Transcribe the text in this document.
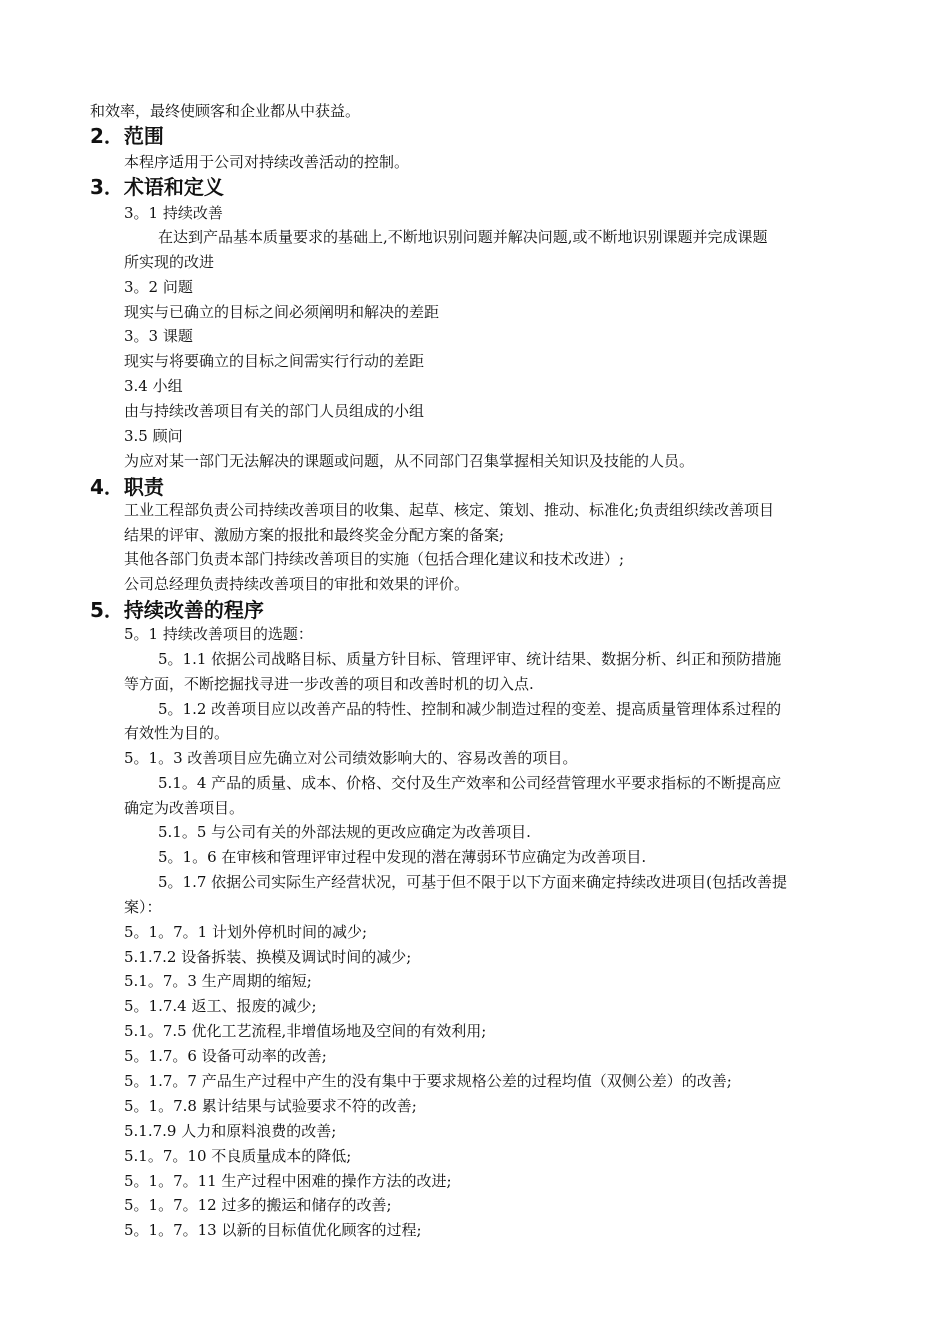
和效率，最终使顾客和企业都从中获益。
2．范围
本程序适用于公司对持续改善活动的控制。
3．术语和定义
3。1 持续改善
在达到产品基本质量要求的基础上,不断地识别问题并解决问题,或不断地识别课题并完成课题
所实现的改进
3。2 问题
现实与已确立的目标之间必须阐明和解决的差距
3。3 课题
现实与将要确立的目标之间需实行行动的差距
3.4 小组
由与持续改善项目有关的部门人员组成的小组
3.5 顾问
为应对某一部门无法解决的课题或问题，从不同部门召集掌握相关知识及技能的人员。
4．职责
工业工程部负责公司持续改善项目的收集、起草、核定、策划、推动、标准化;负责组织续改善项目
结果的评审、激励方案的报批和最终奖金分配方案的备案;
其他各部门负责本部门持续改善项目的实施（包括合理化建议和技术改进）;
公司总经理负责持续改善项目的审批和效果的评价。
5．持续改善的程序
5。1 持续改善项目的选题：
5。1.1 依据公司战略目标、质量方针目标、管理评审、统计结果、数据分析、纠正和预防措施
等方面，不断挖掘找寻进一步改善的项目和改善时机的切入点.
5。1.2 改善项目应以改善产品的特性、控制和减少制造过程的变差、提高质量管理体系过程的
有效性为目的。
5。1。3 改善项目应先确立对公司绩效影响大的、容易改善的项目。
5.1。4 产品的质量、成本、价格、交付及生产效率和公司经营管理水平要求指标的不断提高应
确定为改善项目。
5.1。5 与公司有关的外部法规的更改应确定为改善项目.
5。1。6 在审核和管理评审过程中发现的潜在薄弱环节应确定为改善项目.
5。1.7 依据公司实际生产经营状况，可基于但不限于以下方面来确定持续改进项目(包括改善提
案）：
5。1。7。1 计划外停机时间的减少;
5.1.7.2 设备拆装、换模及调试时间的减少;
5.1。7。3 生产周期的缩短;
5。1.7.4 返工、报废的减少;
5.1。7.5 优化工艺流程,非增值场地及空间的有效利用;
5。1.7。6 设备可动率的改善;
5。1.7。7 产品生产过程中产生的没有集中于要求规格公差的过程均值（双侧公差）的改善;
5。1。7.8 累计结果与试验要求不符的改善;
5.1.7.9 人力和原料浪费的改善;
5.1。7。10 不良质量成本的降低;
5。1。7。11 生产过程中困难的操作方法的改进;
5。1。7。12 过多的搬运和储存的改善;
5。1。7。13 以新的目标值优化顾客的过程;
